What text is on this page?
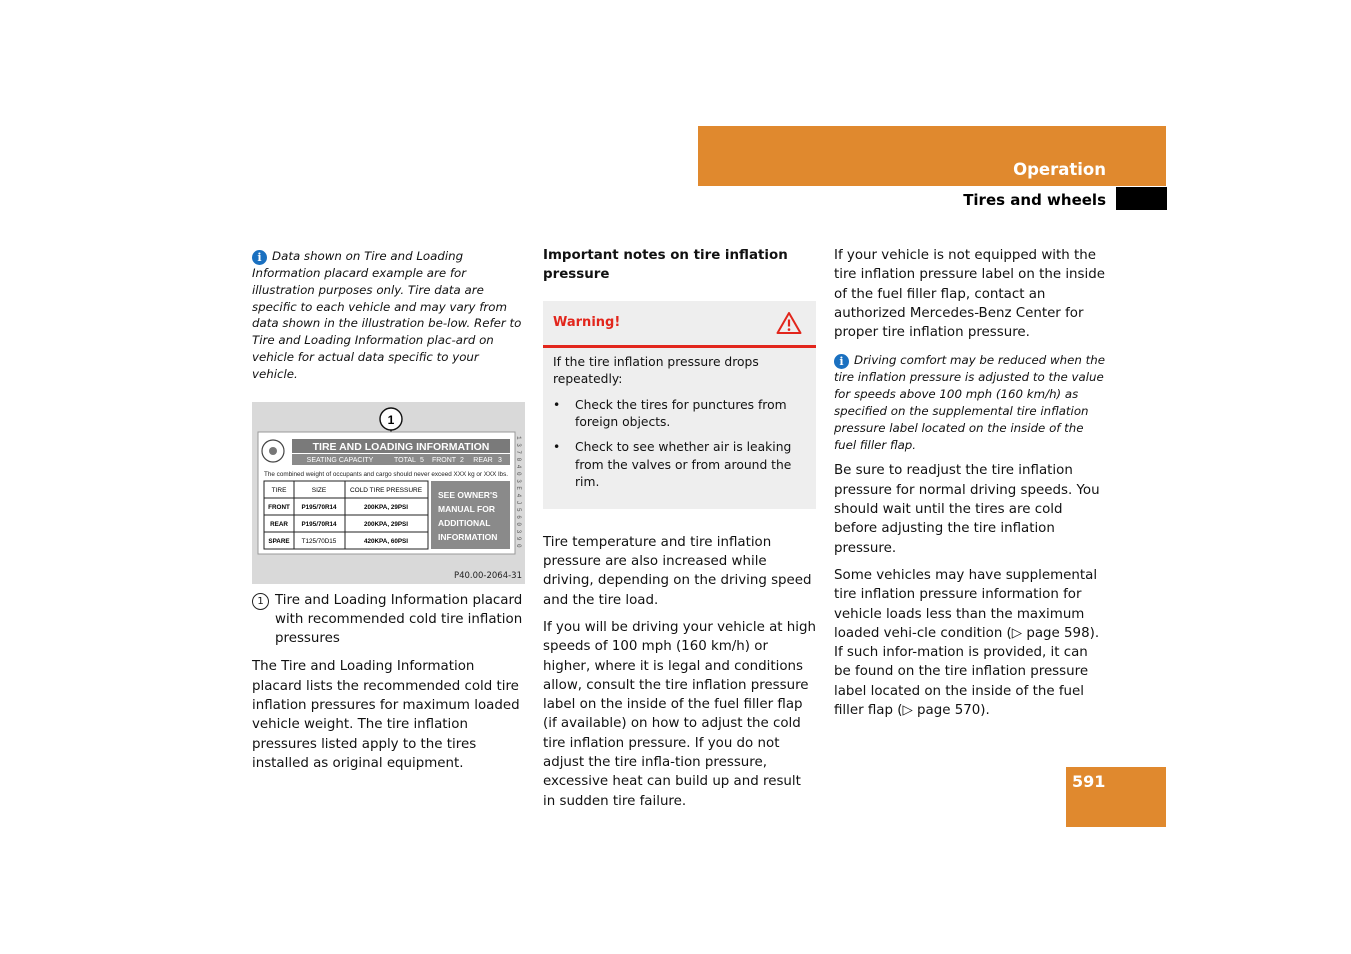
Operation
Tires and wheels

i Data shown on Tire and Loading Information placard example are for illustration purposes only. Tire data are specific to each vehicle and may vary from data shown in the illustration be-low. Refer to Tire and Loading Information plac-ard on vehicle for actual data specific to your vehicle.

1
TIRE AND LOADING INFORMATION
SEATING CAPACITY	TOTAL 5 FRONT 2 REAR 3
The combined weight of occupants and cargo should never exceed XXX kg or XXX lbs.
TIRE	SIZE	COLD TIRE PRESSURE
FRONT P195/70R14	200KPA, 29PSI
REAR P195/70R14	200KPA, 29PSI
SPARE T125/70D15	420KPA, 60PSI
SEE OWNER'S
MANUAL FOR
ADDITIONAL
INFORMATION	1 3 7 0 4 0 3 E 4 J 5 6 0 3 9 0
P40.00-2064-31
1 Tire and Loading Information placard with recommended cold tire inflation pressures

The Tire and Loading Information placard lists the recommended cold tire inflation pressures for maximum loaded vehicle weight. The tire inflation pressures listed apply to the tires installed as original equipment.

Important notes on tire inflation pressure

Warning!

If the tire inflation pressure drops repeatedly:

•	Check the tires for punctures from foreign objects.
•	Check to see whether air is leaking from the valves or from around the rim.

Tire temperature and tire inflation pressure are also increased while driving, depending on the driving speed and the tire load.

If you will be driving your vehicle at high speeds of 100 mph (160 km/h) or higher, where it is legal and conditions allow, consult the tire inflation pressure label on the inside of the fuel filler flap (if available) on how to adjust the cold tire inflation pressure. If you do not adjust the tire infla-tion pressure, excessive heat can build up and result in sudden tire failure.

If your vehicle is not equipped with the tire inflation pressure label on the inside of the fuel filler flap, contact an authorized Mercedes-Benz Center for proper tire inflation pressure.

i Driving comfort may be reduced when the tire inflation pressure is adjusted to the value for speeds above 100 mph (160 km/h) as specified on the supplemental tire inflation pressure label located on the inside of the fuel filler flap.

Be sure to readjust the tire inflation pressure for normal driving speeds. You should wait until the tires are cold before adjusting the tire inflation pressure.

Some vehicles may have supplemental tire inflation pressure information for vehicle loads less than the maximum loaded vehi-cle condition (▷ page 598). If such infor-mation is provided, it can be found on the tire inflation pressure label located on the inside of the fuel filler flap (▷ page 570).

591
